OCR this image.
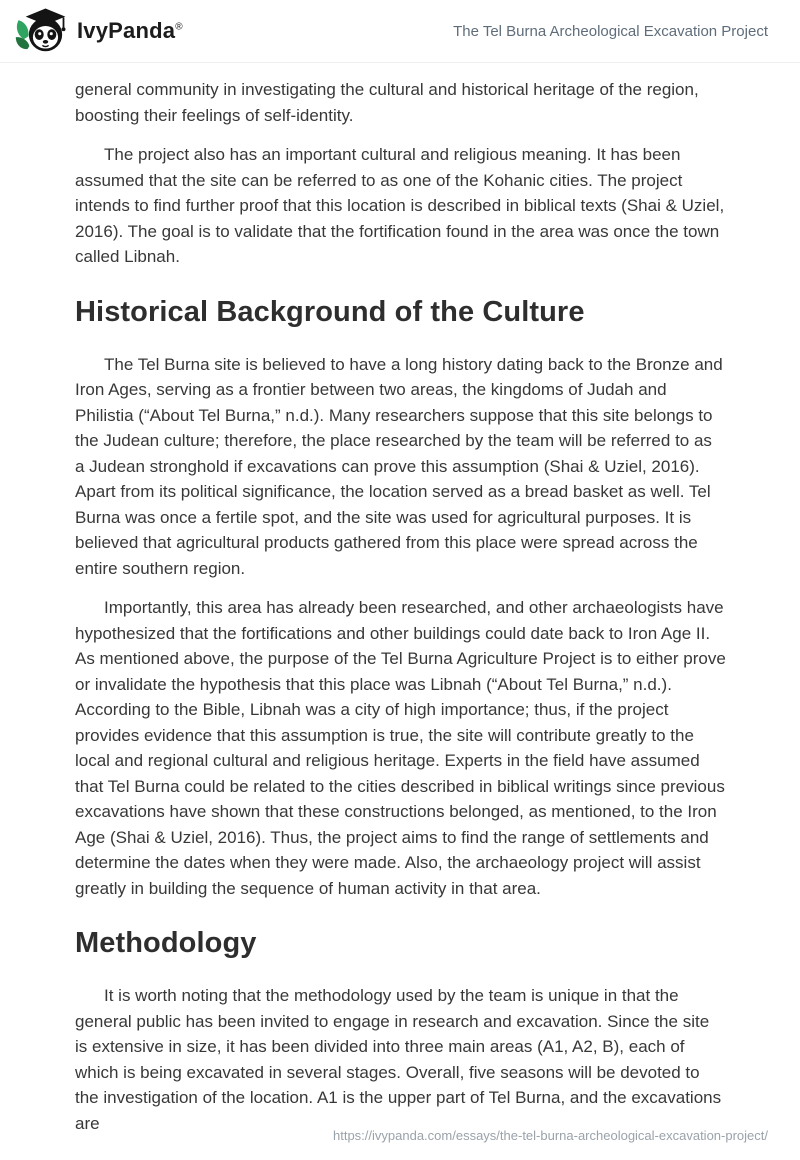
IvyPanda®	The Tel Burna Archeological Excavation Project

general community in investigating the cultural and historical heritage of the region, boosting their feelings of self-identity.

The project also has an important cultural and religious meaning. It has been assumed that the site can be referred to as one of the Kohanic cities. The project intends to find further proof that this location is described in biblical texts (Shai & Uziel, 2016). The goal is to validate that the fortification found in the area was once the town called Libnah.

Historical Background of the Culture

The Tel Burna site is believed to have a long history dating back to the Bronze and Iron Ages, serving as a frontier between two areas, the kingdoms of Judah and Philistia (“About Tel Burna,” n.d.). Many researchers suppose that this site belongs to the Judean culture; therefore, the place researched by the team will be referred to as a Judean stronghold if excavations can prove this assumption (Shai & Uziel, 2016). Apart from its political significance, the location served as a bread basket as well. Tel Burna was once a fertile spot, and the site was used for agricultural purposes. It is believed that agricultural products gathered from this place were spread across the entire southern region.

Importantly, this area has already been researched, and other archaeologists have hypothesized that the fortifications and other buildings could date back to Iron Age II. As mentioned above, the purpose of the Tel Burna Agriculture Project is to either prove or invalidate the hypothesis that this place was Libnah (“About Tel Burna,” n.d.). According to the Bible, Libnah was a city of high importance; thus, if the project provides evidence that this assumption is true, the site will contribute greatly to the local and regional cultural and religious heritage. Experts in the field have assumed that Tel Burna could be related to the cities described in biblical writings since previous excavations have shown that these constructions belonged, as mentioned, to the Iron Age (Shai & Uziel, 2016). Thus, the project aims to find the range of settlements and determine the dates when they were made. Also, the archaeology project will assist greatly in building the sequence of human activity in that area.

Methodology

It is worth noting that the methodology used by the team is unique in that the general public has been invited to engage in research and excavation. Since the site is extensive in size, it has been divided into three main areas (A1, A2, B), each of which is being excavated in several stages. Overall, five seasons will be devoted to the investigation of the location. A1 is the upper part of Tel Burna, and the excavations are

https://ivypanda.com/essays/the-tel-burna-archeological-excavation-project/
